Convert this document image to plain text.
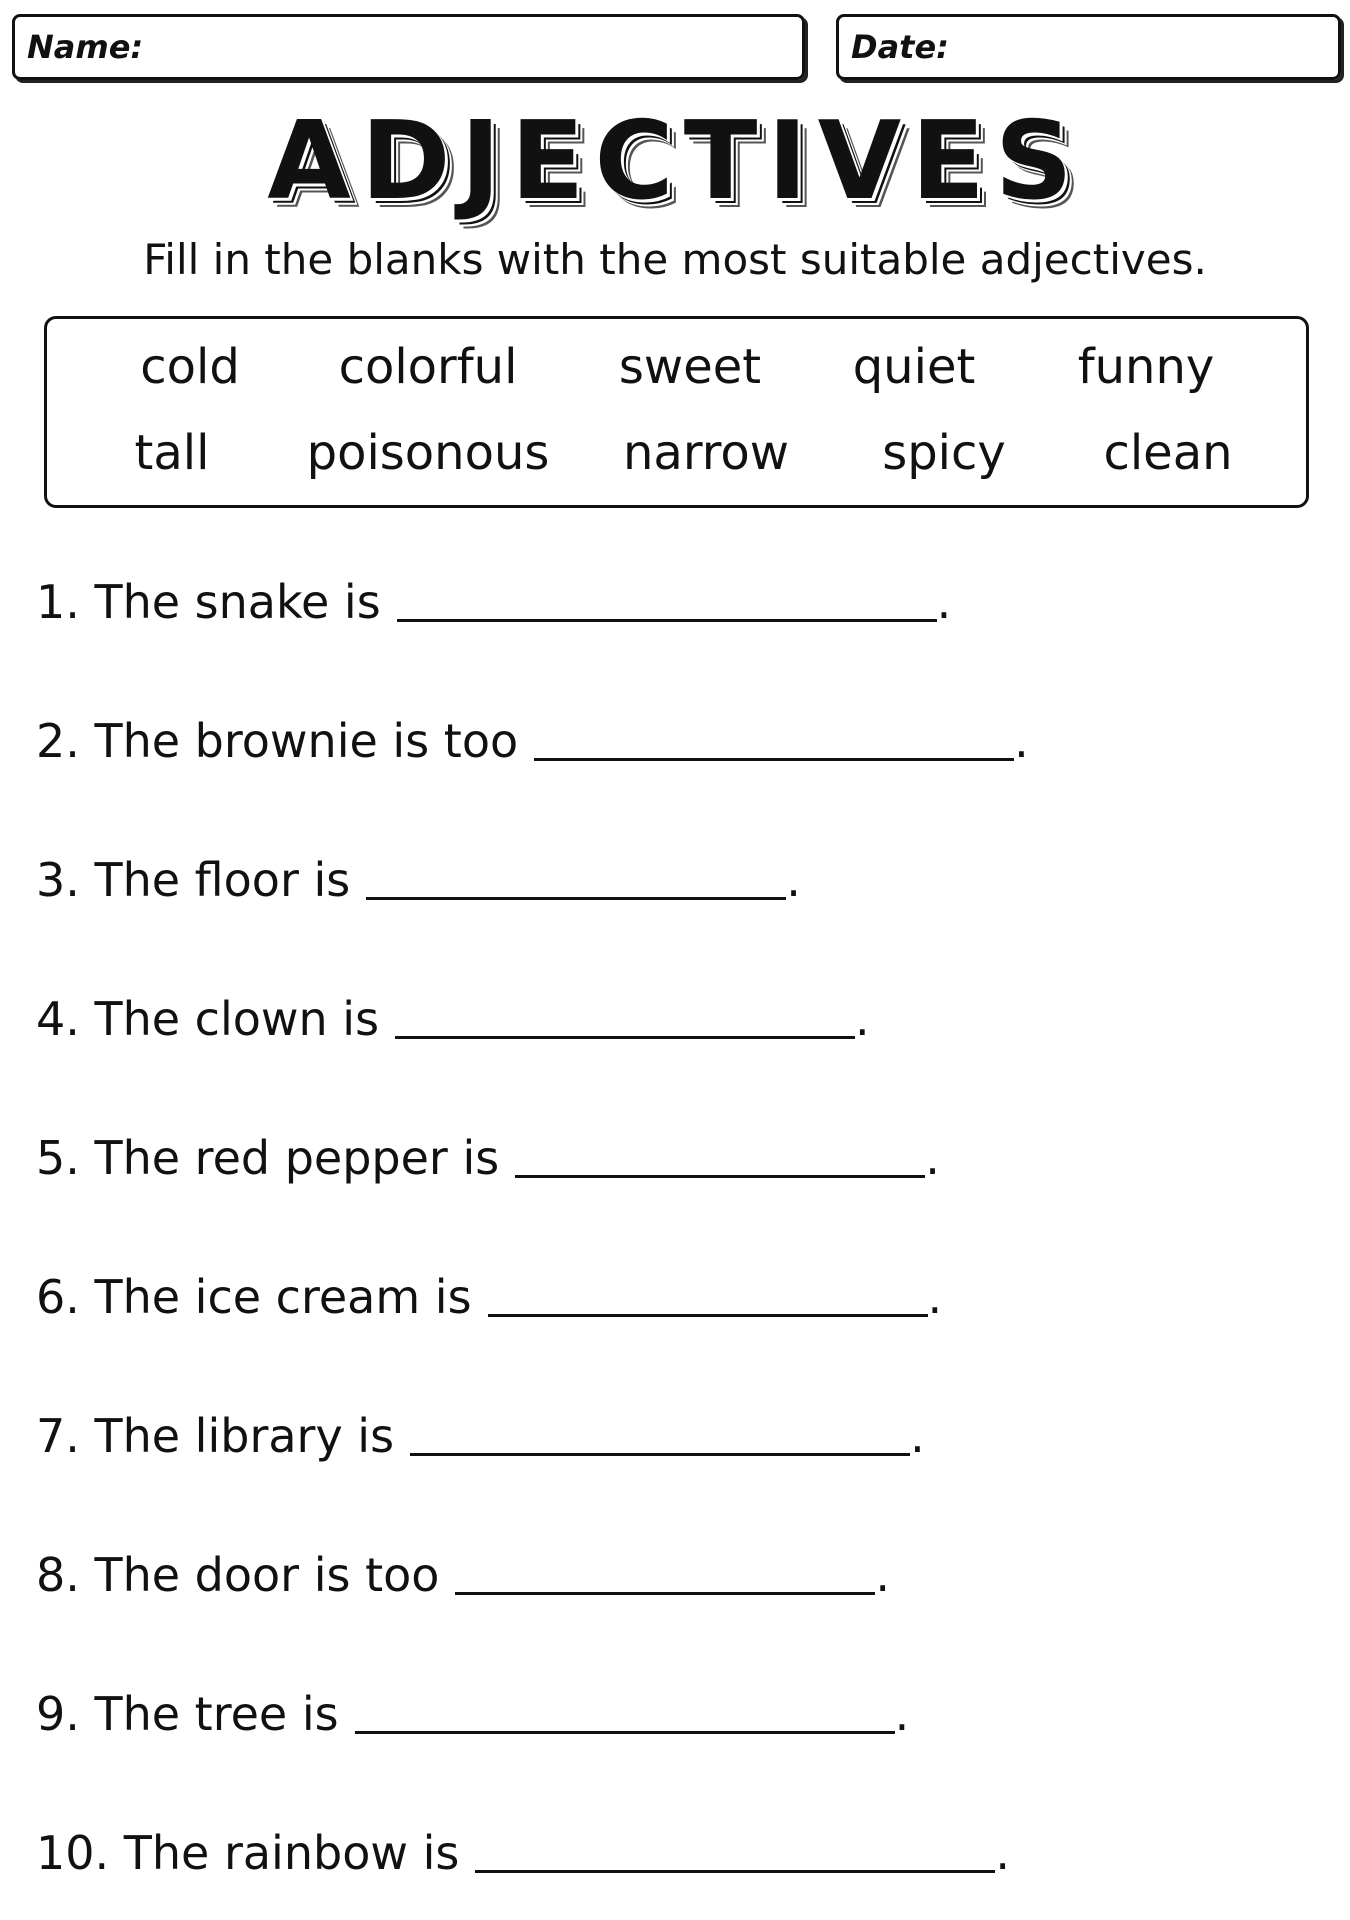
Name:	Date:
ADJECTIVES
Fill in the blanks with the most suitable adjectives.
cold colorful sweet quiet funny
tall poisonous narrow spicy clean
1. The snake is	.
2. The brownie is too	.
3. The floor is	.
4. The clown is	.
5. The red pepper is	.
6. The ice cream is	.
7. The library is	.
8. The door is too	.
9. The tree is	.
10. The rainbow is	.
